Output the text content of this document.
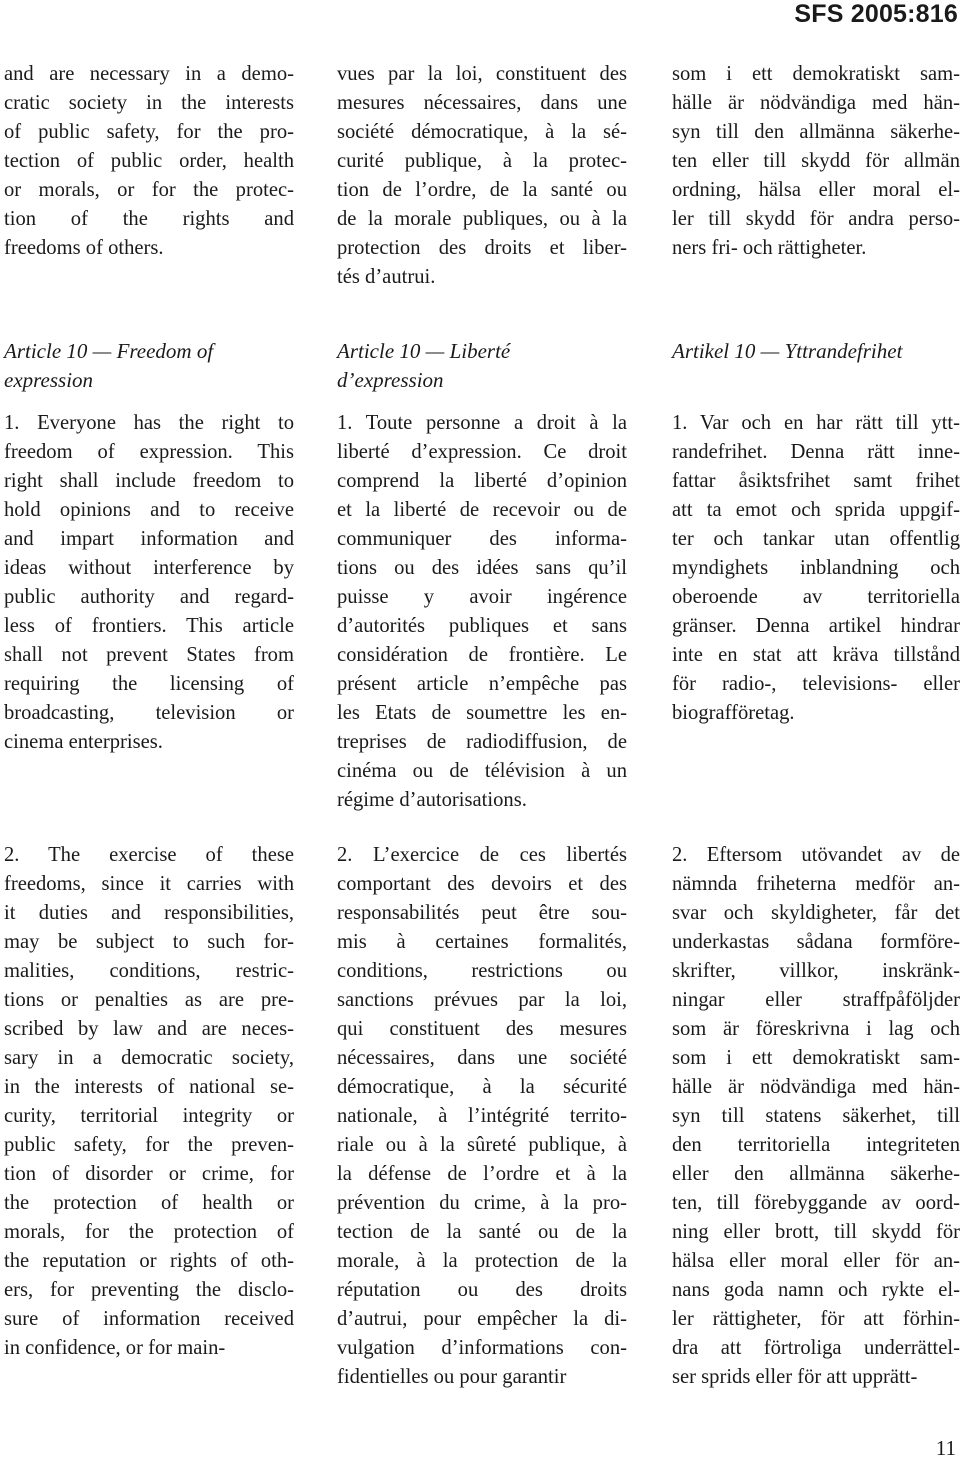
SFS 2005:816
and are necessary in a demo-
cratic society in the interests
of public safety, for the pro-
tection of public order, health
or morals, or for the protec-
tion of the rights and
freedoms of others.
vues par la loi, constituent des
mesures nécessaires, dans une
société démocratique, à la sé-
curité publique, à la protec-
tion de l’ordre, de la santé ou
de la morale publiques, ou à la
protection des droits et liber-
tés d’autrui.
som i ett demokratiskt sam-
hälle är nödvändiga med hän-
syn till den allmänna säkerhe-
ten eller till skydd för allmän
ordning, hälsa eller moral el-
ler till skydd för andra perso-
ners fri- och rättigheter.
Article 10 — Freedom of
expression
Article 10 — Liberté
d’expression
Artikel 10 — Yttrandefrihet
1. Everyone has the right to
freedom of expression. This
right shall include freedom to
hold opinions and to receive
and impart information and
ideas without interference by
public authority and regard-
less of frontiers. This article
shall not prevent States from
requiring the licensing of
broadcasting, television or
cinema enterprises.
1. Toute personne a droit à la
liberté d’expression. Ce droit
comprend la liberté d’opinion
et la liberté de recevoir ou de
communiquer des informa-
tions ou des idées sans qu’il
puisse y avoir ingérence
d’autorités publiques et sans
considération de frontière. Le
présent article n’empêche pas
les Etats de soumettre les en-
treprises de radiodiffusion, de
cinéma ou de télévision à un
régime d’autorisations.
1. Var och en har rätt till ytt-
randefrihet. Denna rätt inne-
fattar åsiktsfrihet samt frihet
att ta emot och sprida uppgif-
ter och tankar utan offentlig
myndighets inblandning och
oberoende av territoriella
gränser. Denna artikel hindrar
inte en stat att kräva tillstånd
för radio-, televisions- eller
biografföretag.
2. The exercise of these
freedoms, since it carries with
it duties and responsibilities,
may be subject to such for-
malities, conditions, restric-
tions or penalties as are pre-
scribed by law and are neces-
sary in a democratic society,
in the interests of national se-
curity, territorial integrity or
public safety, for the preven-
tion of disorder or crime, for
the protection of health or
morals, for the protection of
the reputation or rights of oth-
ers, for preventing the disclo-
sure of information received
in confidence, or for main-
2. L’exercice de ces libertés
comportant des devoirs et des
responsabilités peut être sou-
mis à certaines formalités,
conditions, restrictions ou
sanctions prévues par la loi,
qui constituent des mesures
nécessaires, dans une société
démocratique, à la sécurité
nationale, à l’intégrité territo-
riale ou à la sûreté publique, à
la défense de l’ordre et à la
prévention du crime, à la pro-
tection de la santé ou de la
morale, à la protection de la
réputation ou des droits
d’autrui, pour empêcher la di-
vulgation d’informations con-
fidentielles ou pour garantir
2. Eftersom utövandet av de
nämnda friheterna medför an-
svar och skyldigheter, får det
underkastas sådana formföre-
skrifter, villkor, inskränk-
ningar eller straffpåföljder
som är föreskrivna i lag och
som i ett demokratiskt sam-
hälle är nödvändiga med hän-
syn till statens säkerhet, till
den territoriella integriteten
eller den allmänna säkerhe-
ten, till förebyggande av oord-
ning eller brott, till skydd för
hälsa eller moral eller för an-
nans goda namn och rykte el-
ler rättigheter, för att förhin-
dra att förtroliga underrättel-
ser sprids eller för att upprätt-
11
